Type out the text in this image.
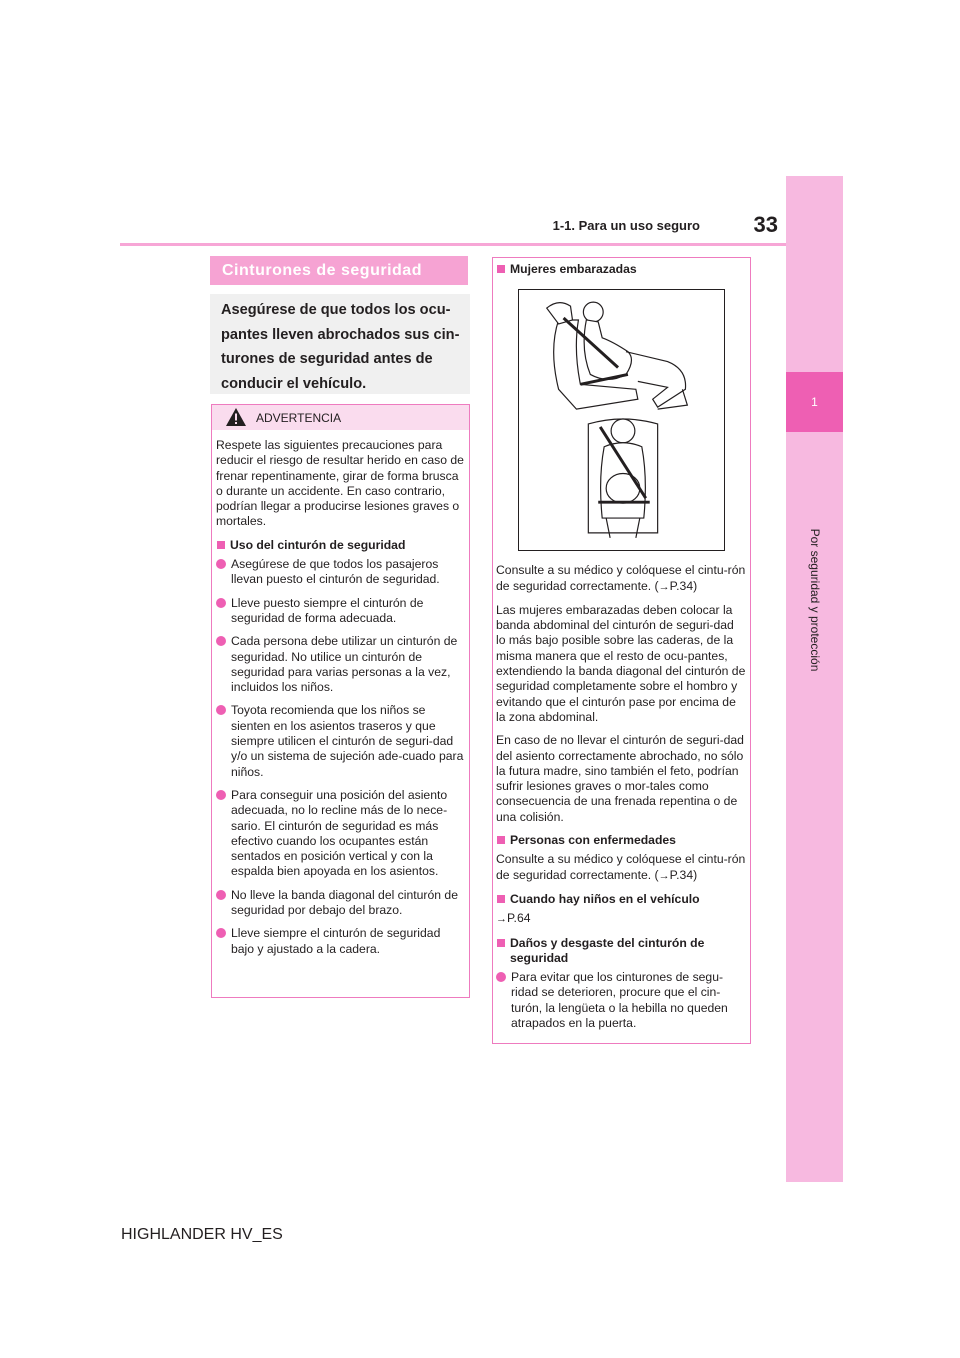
1-1. Para un uso seguro	33
1
Por seguridad y protección
Cinturones de seguridad
Asegúrese de que todos los ocu-
pantes lleven abrochados sus cin-
turones de seguridad antes de
conducir el vehículo.
ADVERTENCIA

Respete las siguientes precauciones para reducir el riesgo de resultar herido en caso de frenar repentinamente, girar de forma brusca o durante un accidente. En caso contrario, podrían llegar a producirse lesiones graves o mortales.

Uso del cinturón de seguridad

Asegúrese de que todos los pasajeros llevan puesto el cinturón de seguridad.

Lleve puesto siempre el cinturón de seguridad de forma adecuada.

Cada persona debe utilizar un cinturón de seguridad. No utilice un cinturón de seguridad para varias personas a la vez, incluidos los niños.

Toyota recomienda que los niños se sienten en los asientos traseros y que siempre utilicen el cinturón de seguri-dad y/o un sistema de sujeción ade-cuado para niños.

Para conseguir una posición del asiento adecuada, no lo recline más de lo nece-sario. El cinturón de seguridad es más efectivo cuando los ocupantes están sentados en posición vertical y con la espalda bien apoyada en los asientos.

No lleve la banda diagonal del cinturón de seguridad por debajo del brazo.

Lleve siempre el cinturón de seguridad bajo y ajustado a la cadera.

Mujeres embarazadas

Consulte a su médico y colóquese el cintu-rón de seguridad correctamente. (→P.34)

Las mujeres embarazadas deben colocar la banda abdominal del cinturón de seguri-dad lo más bajo posible sobre las caderas, de la misma manera que el resto de ocu-pantes, extendiendo la banda diagonal del cinturón de seguridad completamente sobre el hombro y evitando que el cinturón pase por encima de la zona abdominal.

En caso de no llevar el cinturón de seguri-dad del asiento correctamente abrochado, no sólo la futura madre, sino también el feto, podrían sufrir lesiones graves o mor-tales como consecuencia de una frenada repentina o de una colisión.

Personas con enfermedades

Consulte a su médico y colóquese el cintu-rón de seguridad correctamente. (→P.34)

Cuando hay niños en el vehículo

→P.64

Daños y desgaste del cinturón de seguridad

Para evitar que los cinturones de segu-ridad se deterioren, procure que el cin-turón, la lengüeta o la hebilla no queden atrapados en la puerta.

HIGHLANDER HV_ES
